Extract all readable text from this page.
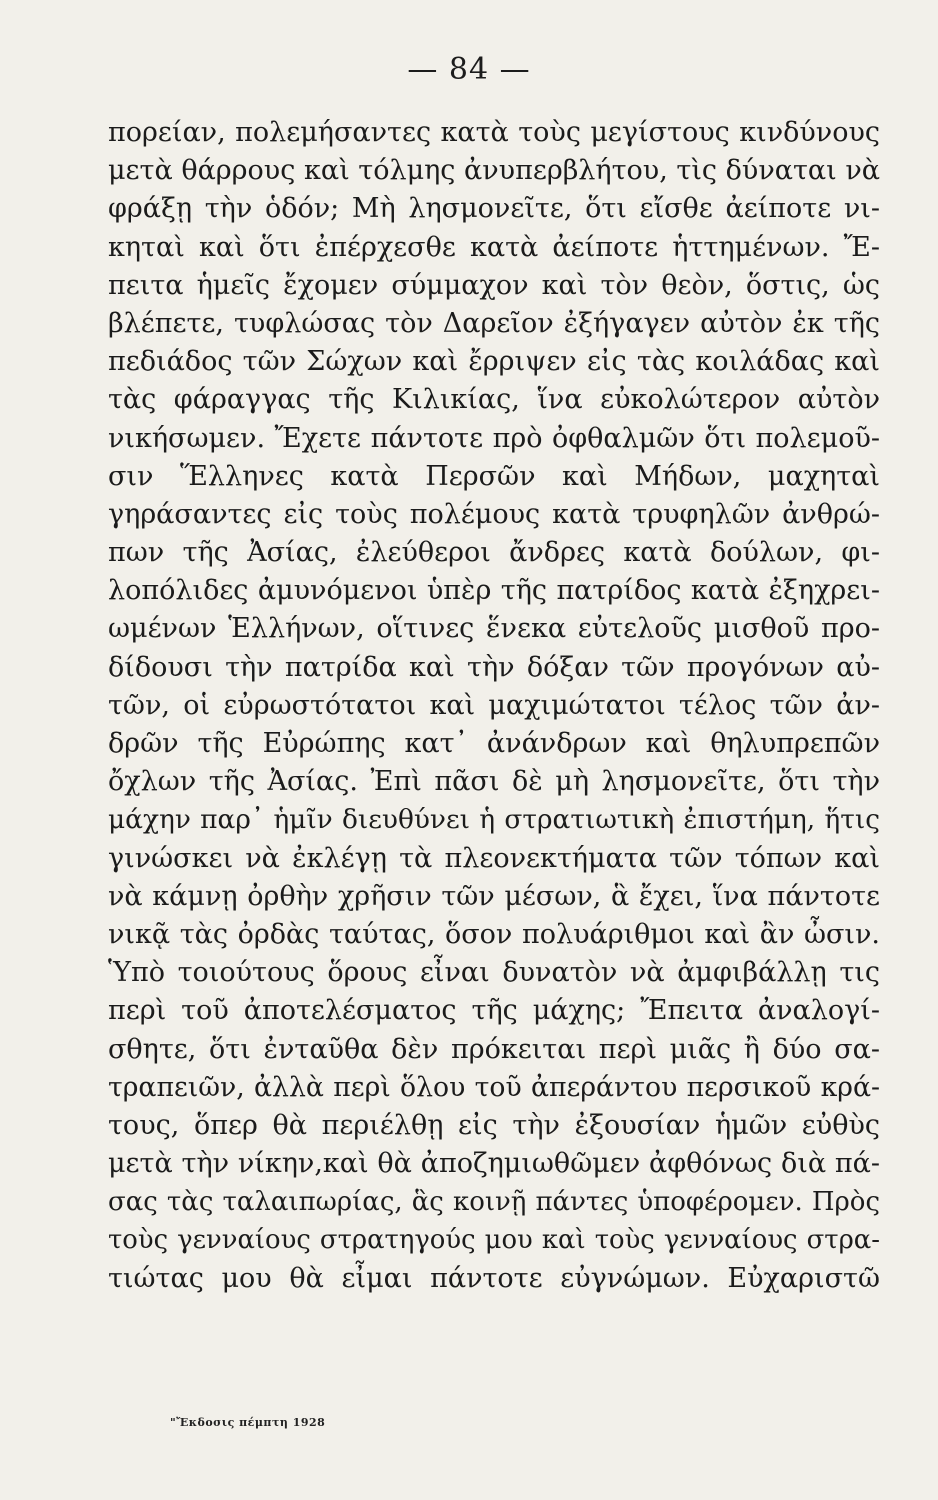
— 84 —
πορείαν, πολεμήσαντες κατὰ τοὺς μεγίστους κινδύνους
μετὰ θάρρους καὶ τόλμης ἀνυπερβλήτου, τὶς δύναται νὰ
φράξῃ τὴν ὁδόν; Μὴ λησμονεῖτε, ὅτι εἴσθε ἀείποτε νι-
κηταὶ καὶ ὅτι ἐπέρχεσθε κατὰ ἀείποτε ἡττημένων. Ἔ-
πειτα ἡμεῖς ἔχομεν σύμμαχον καὶ τὸν θεὸν, ὅστις, ὡς
βλέπετε, τυφλώσας τὸν Δαρεῖον ἐξήγαγεν αὐτὸν ἐκ τῆς
πεδιάδος τῶν Σώχων καὶ ἔρριψεν εἰς τὰς κοιλάδας καὶ
τὰς φάραγγας τῆς Κιλικίας, ἵνα εὐκολώτερον αὐτὸν
νικήσωμεν. Ἔχετε πάντοτε πρὸ ὀφθαλμῶν ὅτι πολεμοῦ-
σιν Ἕλληνες κατὰ Περσῶν καὶ Μήδων, μαχηταὶ
γηράσαντες εἰς τοὺς πολέμους κατὰ τρυφηλῶν ἀνθρώ-
πων τῆς Ἀσίας, ἐλεύθεροι ἄνδρες κατὰ δούλων, φι-
λοπόλιδες ἀμυνόμενοι ὑπὲρ τῆς πατρίδος κατὰ ἐξηχρει-
ωμένων Ἑλλήνων, οἵτινες ἕνεκα εὐτελοῦς μισθοῦ προ-
δίδουσι τὴν πατρίδα καὶ τὴν δόξαν τῶν προγόνων αὐ-
τῶν, οἱ εὐρωστότατοι καὶ μαχιμώτατοι τέλος τῶν ἀν-
δρῶν τῆς Εὐρώπης κατ᾽ ἀνάνδρων καὶ θηλυπρεπῶν
ὄχλων τῆς Ἀσίας. Ἐπὶ πᾶσι δὲ μὴ λησμονεῖτε, ὅτι τὴν
μάχην παρ᾽ ἡμῖν διευθύνει ἡ στρατιωτικὴ ἐπιστήμη, ἥτις
γινώσκει νὰ ἐκλέγῃ τὰ πλεονεκτήματα τῶν τόπων καὶ
νὰ κάμνῃ ὀρθὴν χρῆσιν τῶν μέσων, ἃ ἔχει, ἵνα πάντοτε
νικᾷ τὰς ὀρδὰς ταύτας, ὅσον πολυάριθμοι καὶ ἂν ὦσιν.
Ὑπὸ τοιούτους ὅρους εἶναι δυνατὸν νὰ ἀμφιβάλλῃ τις
περὶ τοῦ ἀποτελέσματος τῆς μάχης; Ἔπειτα ἀναλογί-
σθητε, ὅτι ἐνταῦθα δὲν πρόκειται περὶ μιᾶς ἢ δύο σα-
τραπειῶν, ἀλλὰ περὶ ὅλου τοῦ ἀπεράντου περσικοῦ κρά-
τους, ὅπερ θὰ περιέλθῃ εἰς τὴν ἐξουσίαν ἡμῶν εὐθὺς
μετὰ τὴν νίκην,καὶ θὰ ἀποζημιωθῶμεν ἀφθόνως διὰ πά-
σας τὰς ταλαιπωρίας, ἃς κοινῇ πάντες ὑποφέρομεν. Πρὸς
τοὺς γενναίους στρατηγούς μου καὶ τοὺς γενναίους στρα-
τιώτας μου θὰ εἶμαι πάντοτε εὐγνώμων. Εὐχαριστῶ
"Ἔκδοσις πέμπτη 1928
